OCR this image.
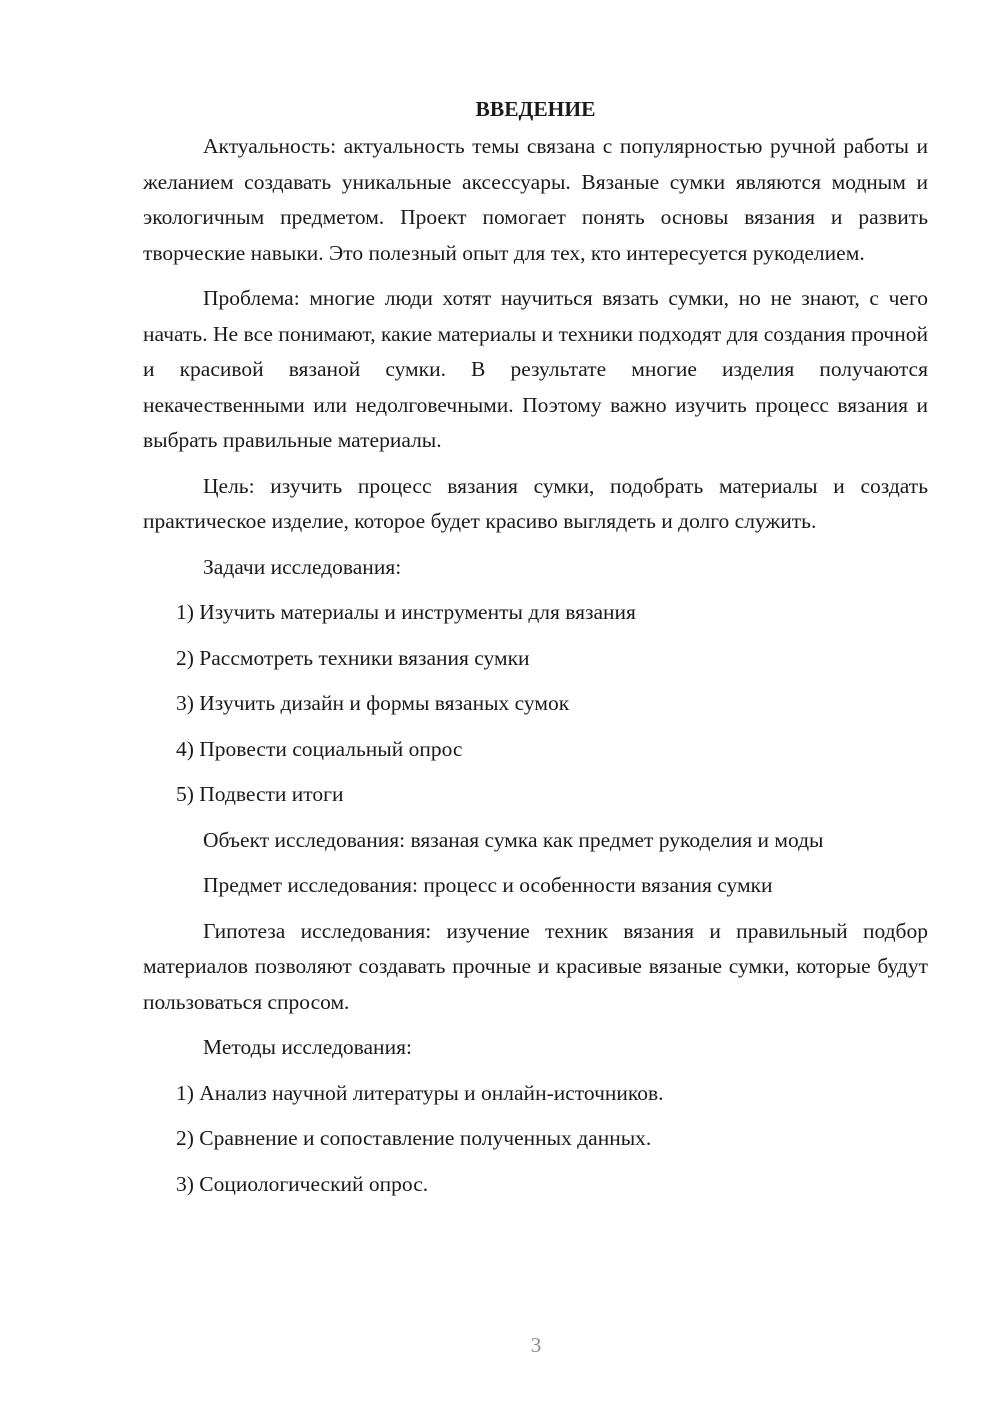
ВВЕДЕНИЕ

Актуальность: актуальность темы связана с популярностью ручной работы и желанием создавать уникальные аксессуары. Вязаные сумки являются модным и экологичным предметом. Проект помогает понять основы вязания и развить творческие навыки. Это полезный опыт для тех, кто интересуется рукоделием.

Проблема: многие люди хотят научиться вязать сумки, но не знают, с чего начать. Не все понимают, какие материалы и техники подходят для создания прочной и красивой вязаной сумки. В результате многие изделия получаются некачественными или недолговечными. Поэтому важно изучить процесс вязания и выбрать правильные материалы.

Цель: изучить процесс вязания сумки, подобрать материалы и создать практическое изделие, которое будет красиво выглядеть и долго служить.

Задачи исследования:
1) Изучить материалы и инструменты для вязания
2) Рассмотреть техники вязания сумки
3) Изучить дизайн и формы вязаных сумок
4) Провести социальный опрос
5) Подвести итоги
Объект исследования: вязаная сумка как предмет рукоделия и моды
Предмет исследования: процесс и особенности вязания сумки

Гипотеза исследования: изучение техник вязания и правильный подбор материалов позволяют создавать прочные и красивые вязаные сумки, которые будут пользоваться спросом.

Методы исследования:
1) Анализ научной литературы и онлайн-источников.
2) Сравнение и сопоставление полученных данных.
3) Социологический опрос.
3
